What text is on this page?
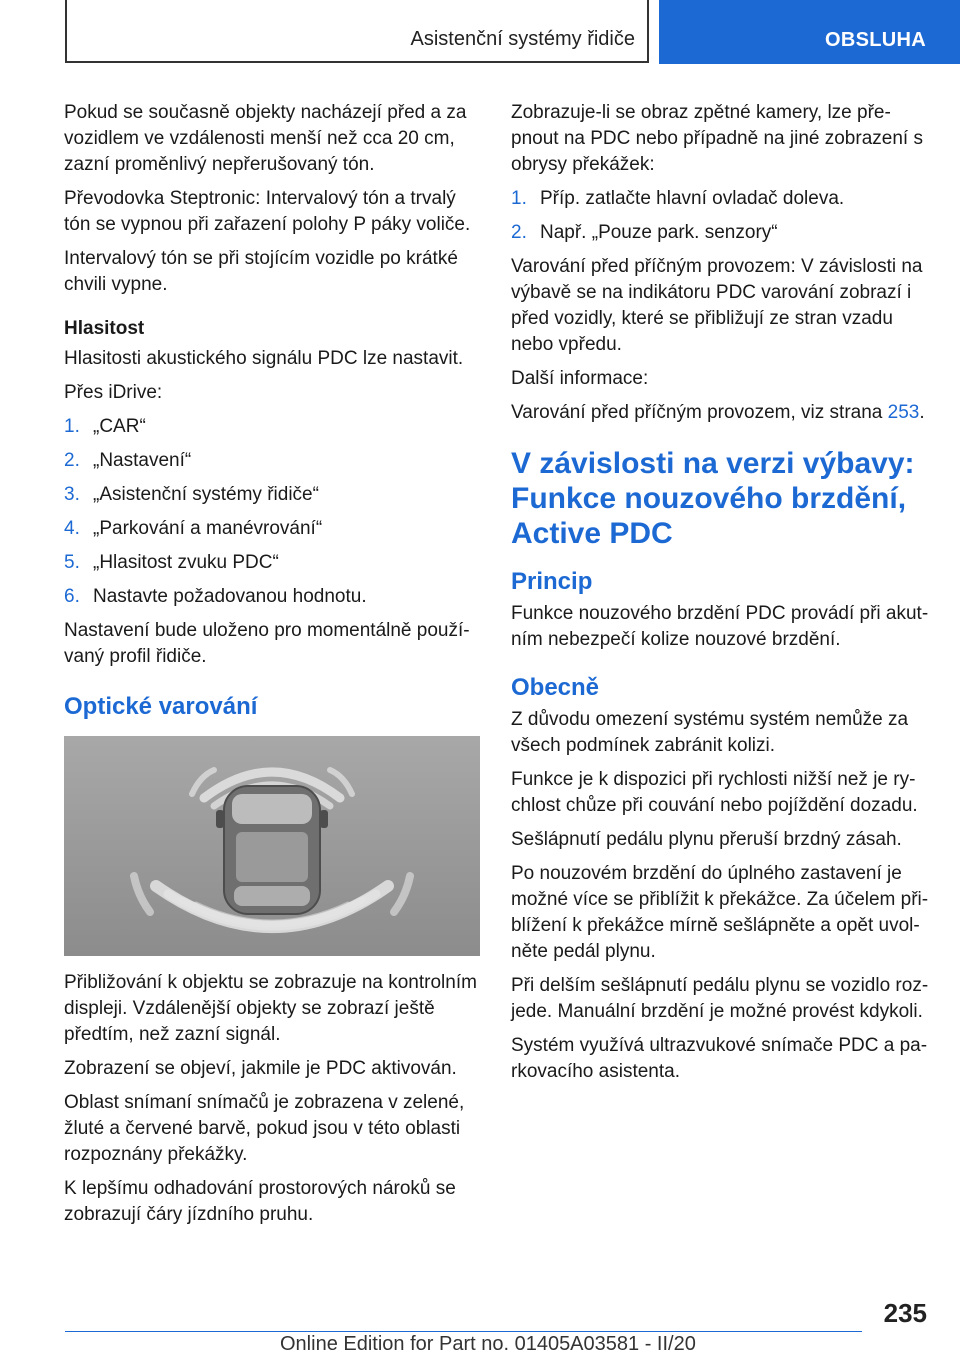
Asistenční systémy řidiče	OBSLUHA

Pokud se současně objekty nacházejí před a za vozidlem ve vzdálenosti menší než cca 20 cm, zazní proměnlivý nepřerušovaný tón.

Převodovka Steptronic: Intervalový tón a trvalý tón se vypnou při zařazení polohy P páky voliče.

Intervalový tón se při stojícím vozidle po krátké chvili vypne.

Hlasitost

Hlasitosti akustického signálu PDC lze nastavit.

Přes iDrive:

1. „CAR“
2. „Nastavení“
3. „Asistenční systémy řidiče“
4. „Parkování a manévrování“
5. „Hlasitost zvuku PDC“
6. Nastavte požadovanou hodnotu.

Nastavení bude uloženo pro momentálně používaný profil řidiče.

Optické varování

Přibližování k objektu se zobrazuje na kontrolním displeji. Vzdálenější objekty se zobrazí ještě předtím, než zazní signál.

Zobrazení se objeví, jakmile je PDC aktivován.

Oblast snímaní snímačů je zobrazena v zelené, žluté a červené barvě, pokud jsou v této oblasti rozpoznány překážky.

K lepšímu odhadování prostorových nároků se zobrazují čáry jízdního pruhu.

Zobrazuje-li se obraz zpětné kamery, lze přepnout na PDC nebo případně na jiné zobrazení s obrysy překážek:

1. Příp. zatlačte hlavní ovladač doleva.
2. Např. „Pouze park. senzory“

Varování před příčným provozem: V závislosti na výbavě se na indikátoru PDC varování zobrazí i před vozidly, které se přibližují ze stran vzadu nebo vpředu.

Další informace:

Varování před příčným provozem, viz strana 253.

V závislosti na verzi výbavy:
Funkce nouzového brzdění,
Active PDC
Princip

Funkce nouzového brzdění PDC provádí při akutním nebezpečí kolize nouzové brzdění.

Obecně

Z důvodu omezení systému systém nemůže za všech podmínek zabránit kolizi.

Funkce je k dispozici při rychlosti nižší než je rychlost chůze při couvání nebo pojíždění dozadu.

Sešlápnutí pedálu plynu přeruší brzdný zásah.

Po nouzovém brzdění do úplného zastavení je možné více se přiblížit k překážce. Za účelem přiblížení k překážce mírně sešlápněte a opět uvolněte pedál plynu.

Při delším sešlápnutí pedálu plynu se vozidlo rozjede. Manuální brzdění je možné provést kdykoli.

Systém využívá ultrazvukové snímače PDC a parkovacího asistenta.

235
Online Edition for Part no. 01405A03581 - II/20
